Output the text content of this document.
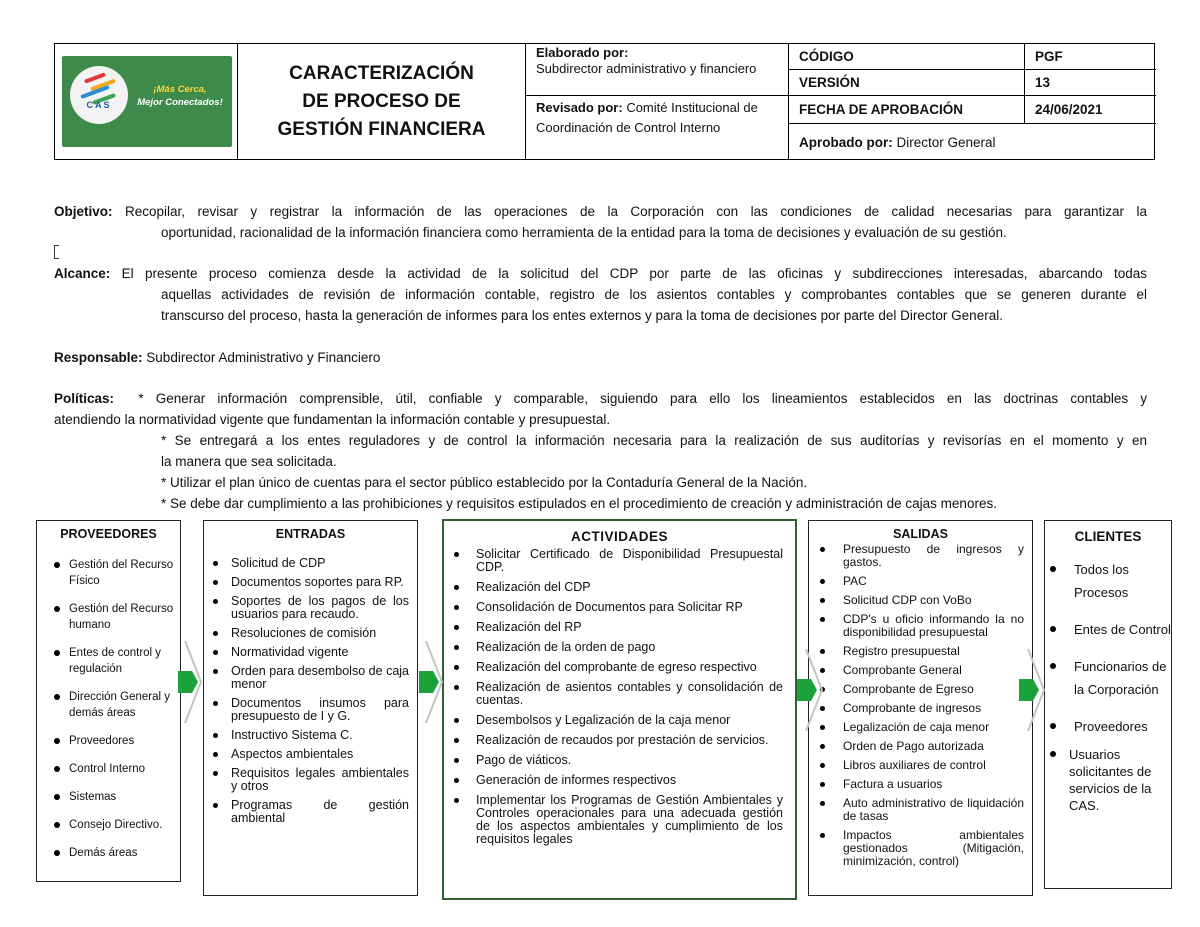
CAS
¡Más Cerca,
Mejor Conectados!
CARACTERIZACIÓN
DE PROCESO DE
GESTIÓN FINANCIERA
Elaborado por:
Subdirector administrativo y financiero
Revisado por: Comité Institucional de Coordinación de Control Interno
CÓDIGO	PGF
VERSIÓN	13
FECHA DE APROBACIÓN	24/06/2021
Aprobado por:
Director General
Objetivo: Recopilar, revisar y registrar la información de las operaciones de la Corporación con las condiciones de calidad necesarias para garantizar la
oportunidad, racionalidad de la información financiera como herramienta de la entidad para la toma de decisiones y evaluación de su gestión.
Alcance: El presente proceso comienza desde la actividad de la solicitud del CDP por parte de las oficinas y subdirecciones interesadas, abarcando todas
aquellas actividades de revisión de información contable, registro de los asientos contables y comprobantes contables que se generen durante el
transcurso del proceso, hasta la generación de informes para los entes externos y para la toma de decisiones por parte del Director General.
Responsable: Subdirector Administrativo y Financiero
Políticas: * Generar información comprensible, útil, confiable y comparable, siguiendo para ello los lineamientos establecidos en las doctrinas contables y
atendiendo la normatividad vigente que fundamentan la información contable y presupuestal.
* Se entregará a los entes reguladores y de control la información necesaria para la realización de sus auditorías y revisorías en el momento y en
la manera que sea solicitada.
* Utilizar el plan único de cuentas para el sector público establecido por la Contaduría General de la Nación.
* Se debe dar cumplimiento a las prohibiciones y requisitos estipulados en el procedimiento de creación y administración de cajas menores.
PROVEEDORES
Gestión del Recurso Físico
Gestión del Recurso humano
Entes de control y regulación
Dirección General y demás áreas
Proveedores
Control Interno
Sistemas
Consejo Directivo.
Demás áreas
ENTRADAS
Solicitud de CDP
Documentos soportes para RP.
Soportes de los pagos de los usuarios para recaudo.
Resoluciones de comisión
Normatividad vigente
Orden para desembolso de caja menor
Documentos insumos para presupuesto de I y G.
Instructivo Sistema C.
Aspectos ambientales
Requisitos legales ambientales y otros
Programas de gestión ambiental
ACTIVIDADES
Solicitar Certificado de Disponibilidad Presupuestal CDP.
Realización del CDP
Consolidación de Documentos para Solicitar RP
Realización del RP
Realización de la orden de pago
Realización del comprobante de egreso respectivo
Realización de asientos contables y consolidación de cuentas.
Desembolsos y Legalización de la caja menor
Realización de recaudos por prestación de servicios.
Pago de viáticos.
Generación de informes respectivos
Implementar los Programas de Gestión Ambientales y Controles operacionales para una adecuada gestión de los aspectos ambientales y cumplimiento de los requisitos legales
SALIDAS
Presupuesto de ingresos y gastos.
PAC
Solicitud CDP con VoBo
CDP's u oficio informando la no disponibilidad presupuestal
Registro presupuestal
Comprobante General
Comprobante de Egreso
Comprobante de ingresos
Legalización de caja menor
Orden de Pago autorizada
Libros auxiliares de control
Factura a usuarios
Auto administrativo de liquidación de tasas
Impactos ambientales gestionados (Mitigación, minimización, control)
CLIENTES
Todos los Procesos
Entes de Control
Funcionarios de la Corporación
Proveedores
Usuarios solicitantes de servicios de la CAS.
